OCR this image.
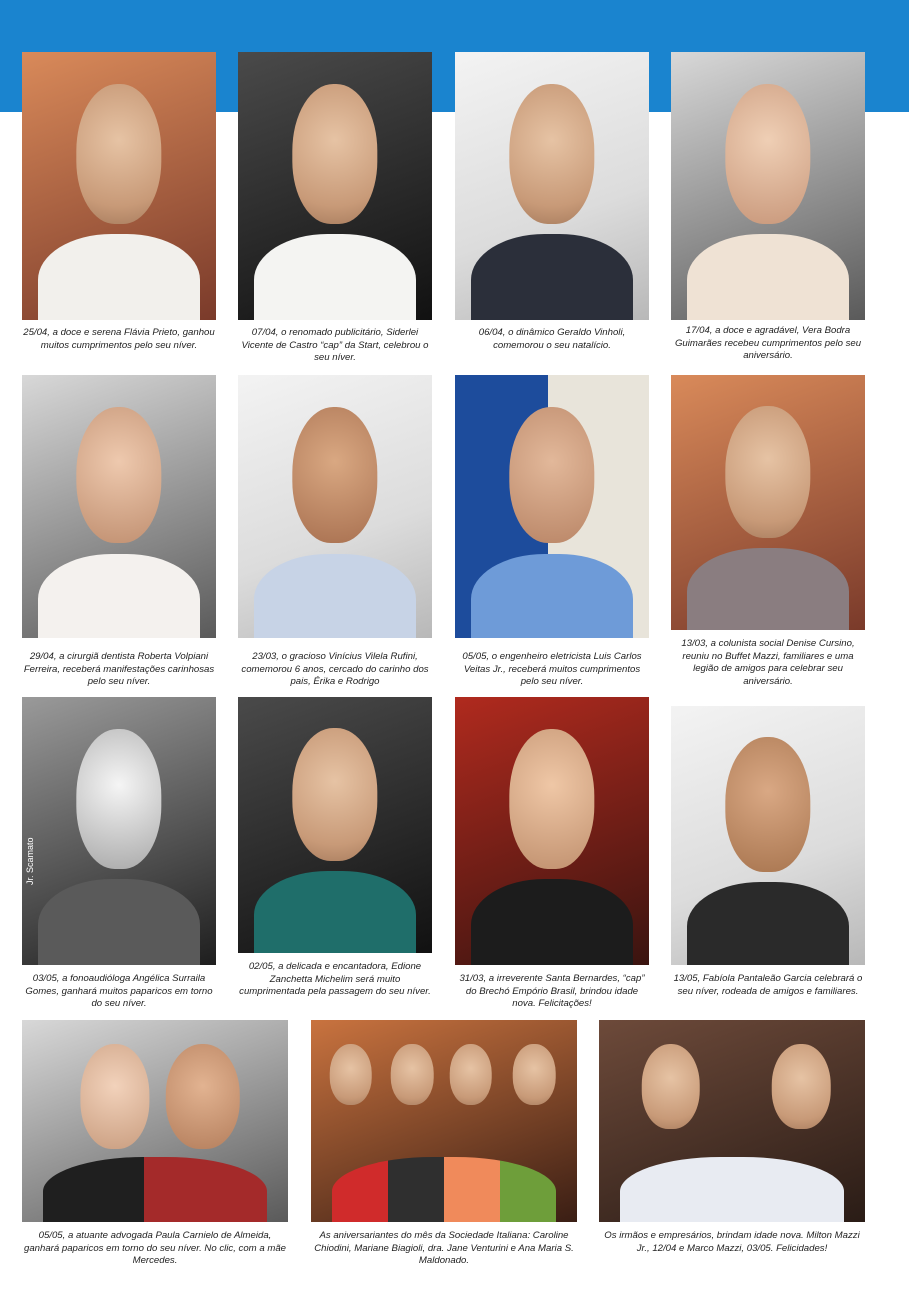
25/04, a doce e serena Flávia Prieto, ganhou muitos cumprimentos pelo seu níver.
07/04, o renomado publicitário, Siderlei Vicente de Castro “cap” da Start, celebrou o seu níver.
06/04, o dinâmico Geraldo Vinholi, comemorou o seu natalício.
17/04, a doce e agradável, Vera Bodra Guimarães recebeu cumprimentos pelo seu aniversário.
29/04, a cirurgiã dentista Roberta Volpiani Ferreira, receberá manifestações carinhosas pelo seu níver.
23/03, o gracioso Vinícius Vilela Rufini, comemorou 6 anos, cercado do carinho dos pais, Érika e Rodrigo
05/05, o engenheiro eletricista Luis Carlos Veitas Jr., receberá muitos cumprimentos pelo seu níver.
13/03, a colunista social Denise Cursino, reuniu no Buffet Mazzi, familiares e uma legião de amigos para celebrar seu aniversário.
03/05, a fonoaudióloga Angélica Surraila Gomes, ganhará muitos paparicos em torno do seu níver.
02/05, a delicada e encantadora, Edione Zanchetta Michelim será muito cumprimentada pela passagem do seu níver.
31/03, a irreverente Santa Bernardes, “cap” do Brechó Empório Brasil, brindou idade nova. Felicitações!
13/05, Fabíola Pantaleão Garcia celebrará o seu níver, rodeada de amigos e familiares.
05/05, a atuante advogada Paula Carnielo de Almeida, ganhará paparicos em torno do seu níver. No clic, com a mãe Mercedes.
As aniversariantes do mês da Sociedade Italiana: Caroline Chiodini, Mariane Biagioli, dra. Jane Venturini e Ana Maria S. Maldonado.
Os irmãos e empresários, brindam idade nova. Milton Mazzi Jr., 12/04 e Marco Mazzi, 03/05. Felicidades!
